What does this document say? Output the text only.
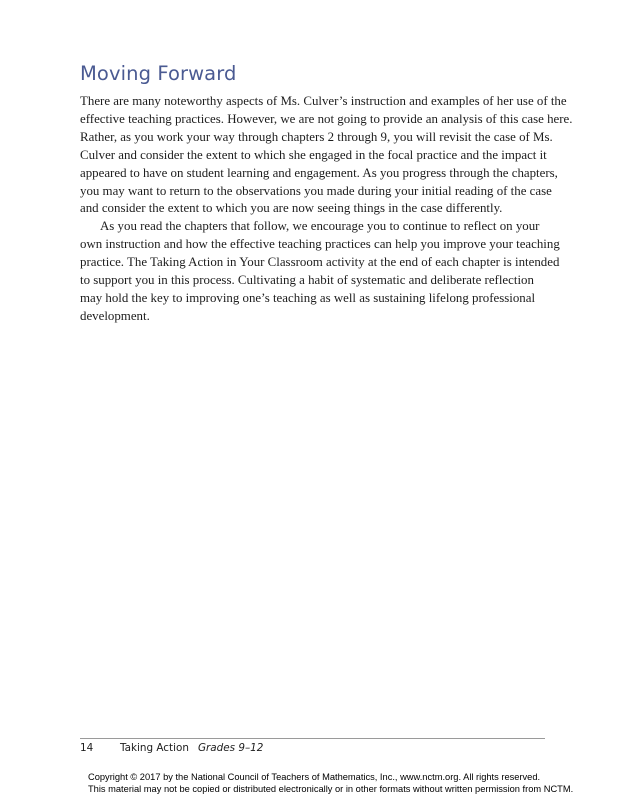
Moving Forward

There are many noteworthy aspects of Ms. Culver’s instruction and examples of her use of the
effective teaching practices. However, we are not going to provide an analysis of this case here.
Rather, as you work your way through chapters 2 through 9, you will revisit the case of Ms.
Culver and consider the extent to which she engaged in the focal practice and the impact it
appeared to have on student learning and engagement. As you progress through the chapters,
you may want to return to the observations you made during your initial reading of the case
and consider the extent to which you are now seeing things in the case differently.

As you read the chapters that follow, we encourage you to continue to reflect on your
own instruction and how the effective teaching practices can help you improve your teaching
practice. The Taking Action in Your Classroom activity at the end of each chapter is intended
to support you in this process. Cultivating a habit of systematic and deliberate reflection
may hold the key to improving one’s teaching as well as sustaining lifelong professional
development.

14	Taking Action Grades 9–12
Copyright © 2017 by the National Council of Teachers of Mathematics, Inc., www.nctm.org. All rights reserved.
This material may not be copied or distributed electronically or in other formats without written permission from NCTM.
